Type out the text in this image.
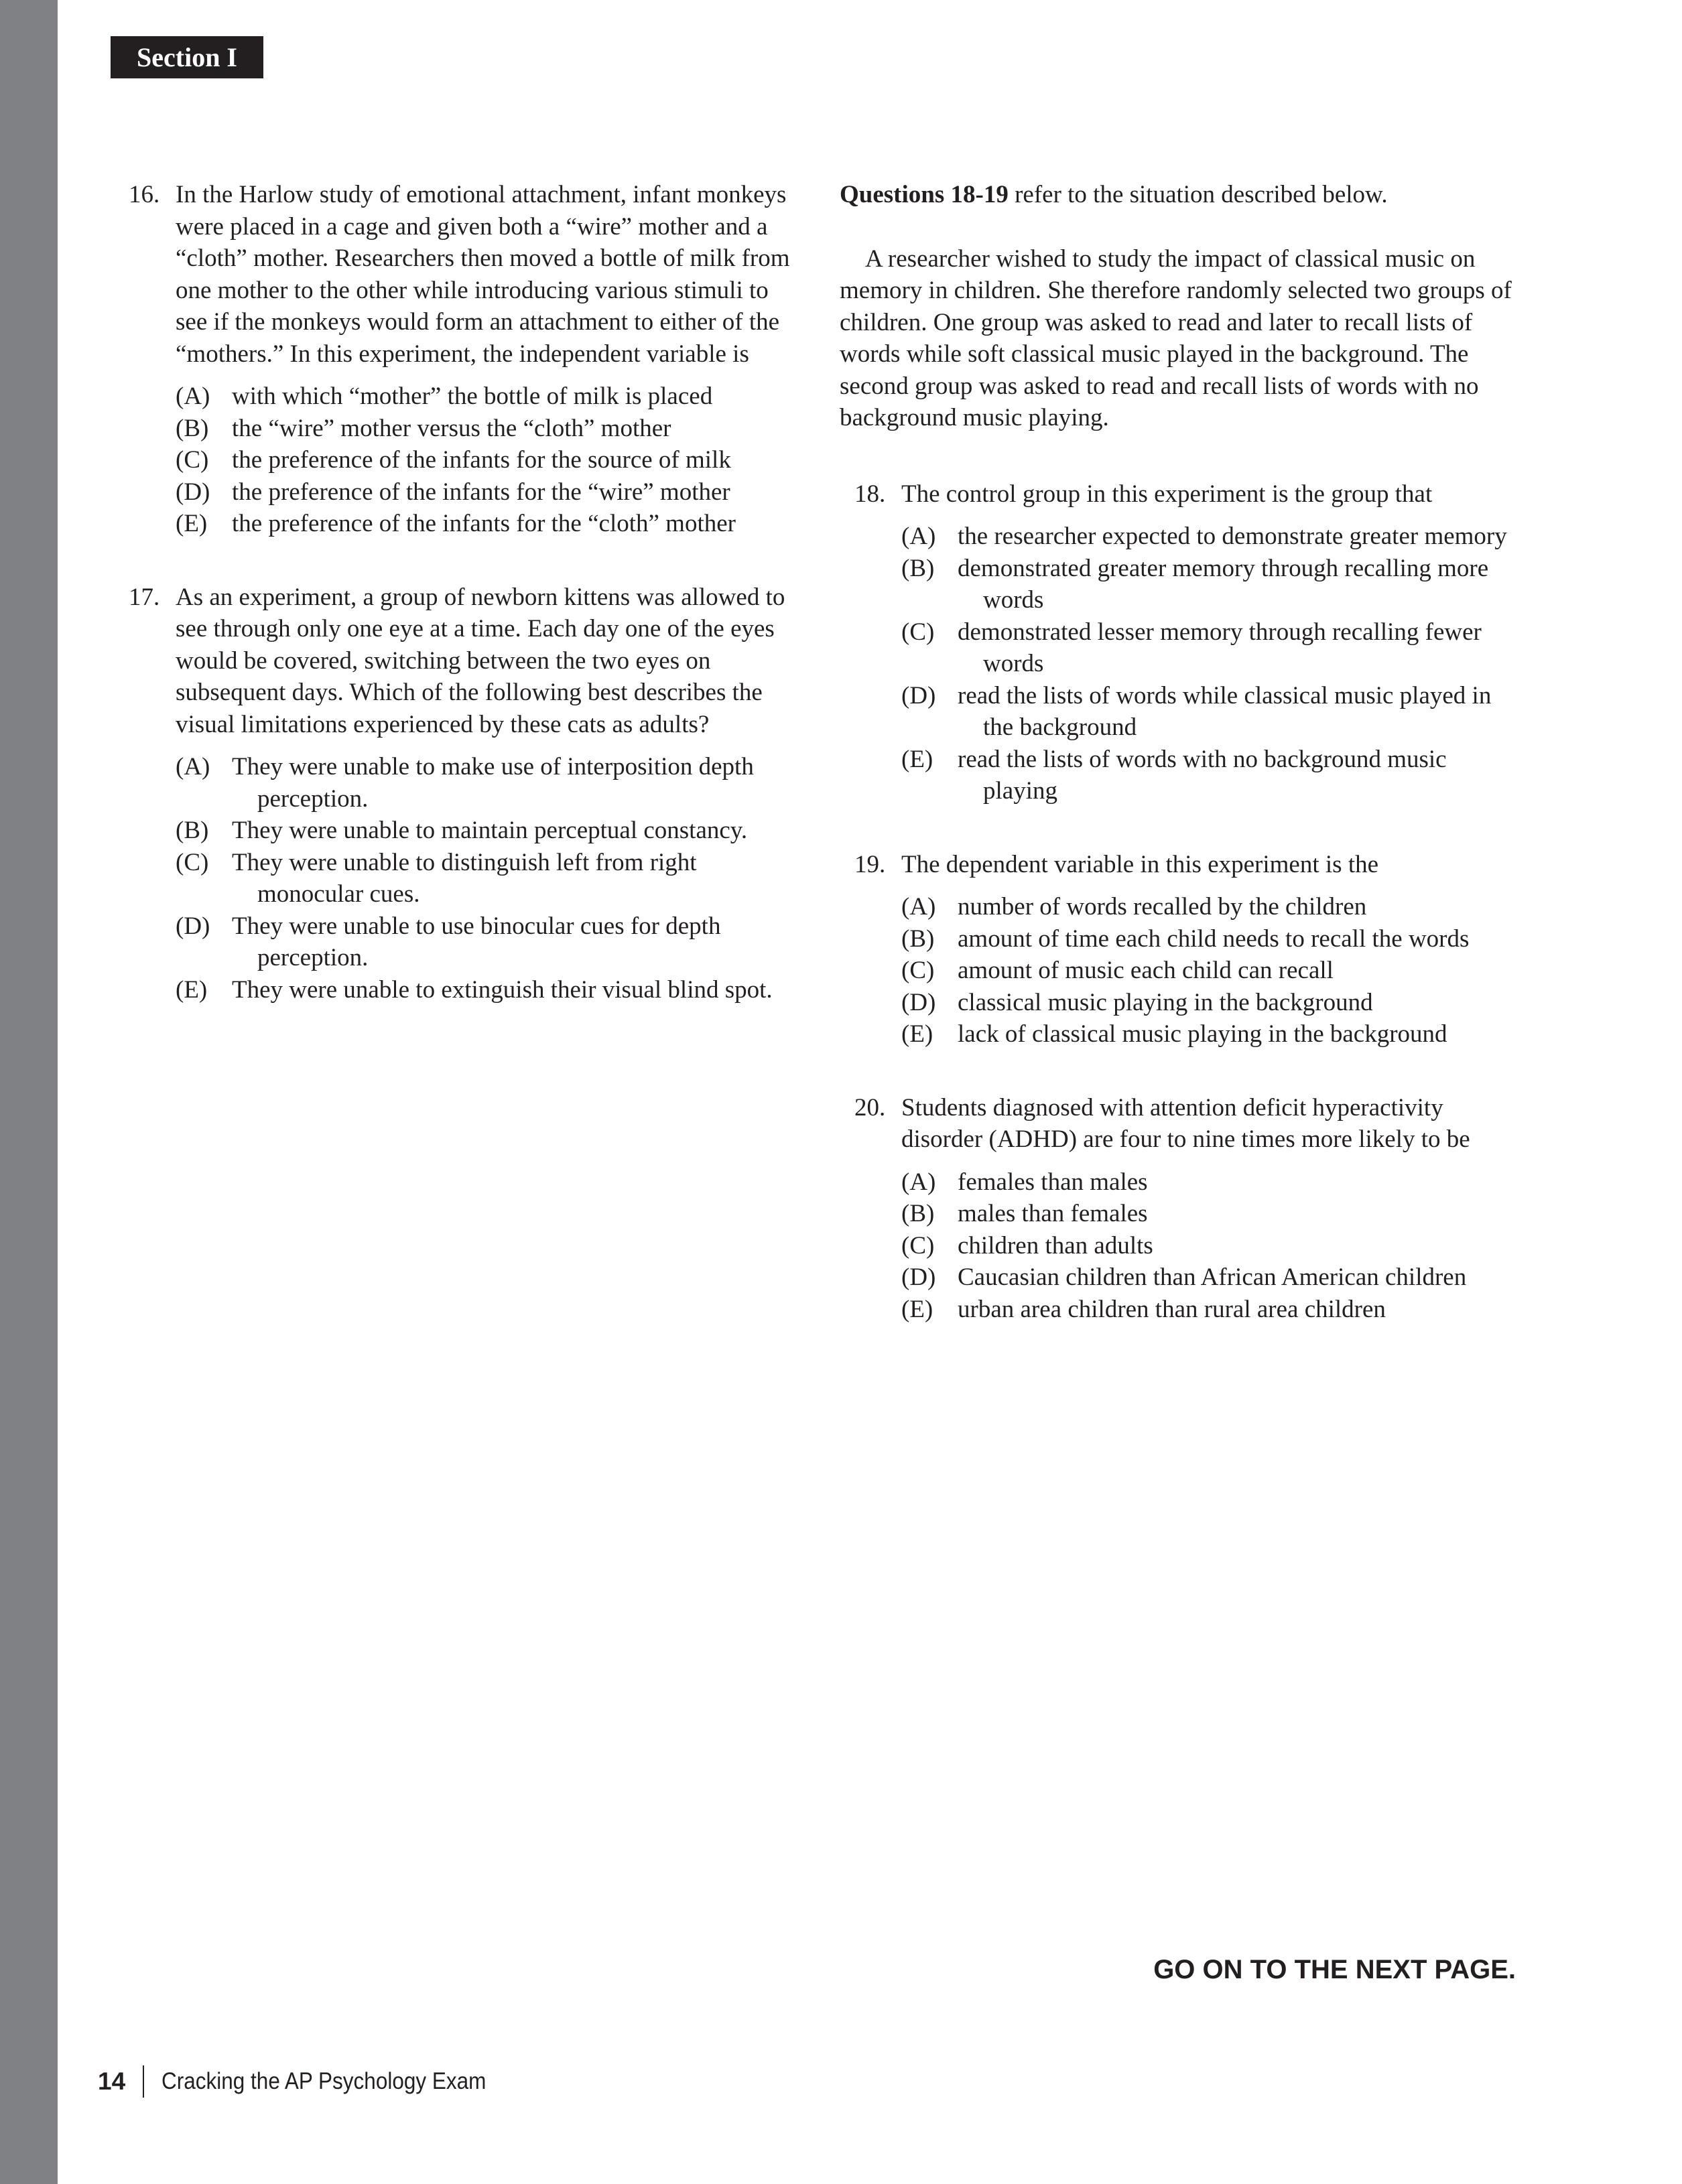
Section I
16. In the Harlow study of emotional attachment, infant monkeys were placed in a cage and given both a “wire” mother and a “cloth” mother. Researchers then moved a bottle of milk from one mother to the other while introducing various stimuli to see if the monkeys would form an attachment to either of the “mothers.” In this experiment, the independent variable is
(A) with which “mother” the bottle of milk is placed
(B) the “wire” mother versus the “cloth” mother
(C) the preference of the infants for the source of milk
(D) the preference of the infants for the “wire” mother
(E) the preference of the infants for the “cloth” mother
17. As an experiment, a group of newborn kittens was allowed to see through only one eye at a time. Each day one of the eyes would be covered, switching between the two eyes on subsequent days. Which of the following best describes the visual limitations experienced by these cats as adults?
(A) They were unable to make use of interposition depth perception.
(B) They were unable to maintain perceptual constancy.
(C) They were unable to distinguish left from right monocular cues.
(D) They were unable to use binocular cues for depth perception.
(E) They were unable to extinguish their visual blind spot.

Questions 18-19 refer to the situation described below.

A researcher wished to study the impact of classical music on memory in children. She therefore randomly selected two groups of children. One group was asked to read and later to recall lists of words while soft classical music played in the background. The second group was asked to read and recall lists of words with no background music playing.
18. The control group in this experiment is the group that
(A) the researcher expected to demonstrate greater memory
(B) demonstrated greater memory through recalling more words
(C) demonstrated lesser memory through recalling fewer words
(D) read the lists of words while classical music played in the background
(E) read the lists of words with no background music playing
19. The dependent variable in this experiment is the
(A) number of words recalled by the children
(B) amount of time each child needs to recall the words
(C) amount of music each child can recall
(D) classical music playing in the background
(E) lack of classical music playing in the background
20. Students diagnosed with attention deficit hyperactivity disorder (ADHD) are four to nine times more likely to be
(A) females than males
(B) males than females
(C) children than adults
(D) Caucasian children than African American children
(E) urban area children than rural area children
GO ON TO THE NEXT PAGE.
14 Cracking the AP Psychology Exam
